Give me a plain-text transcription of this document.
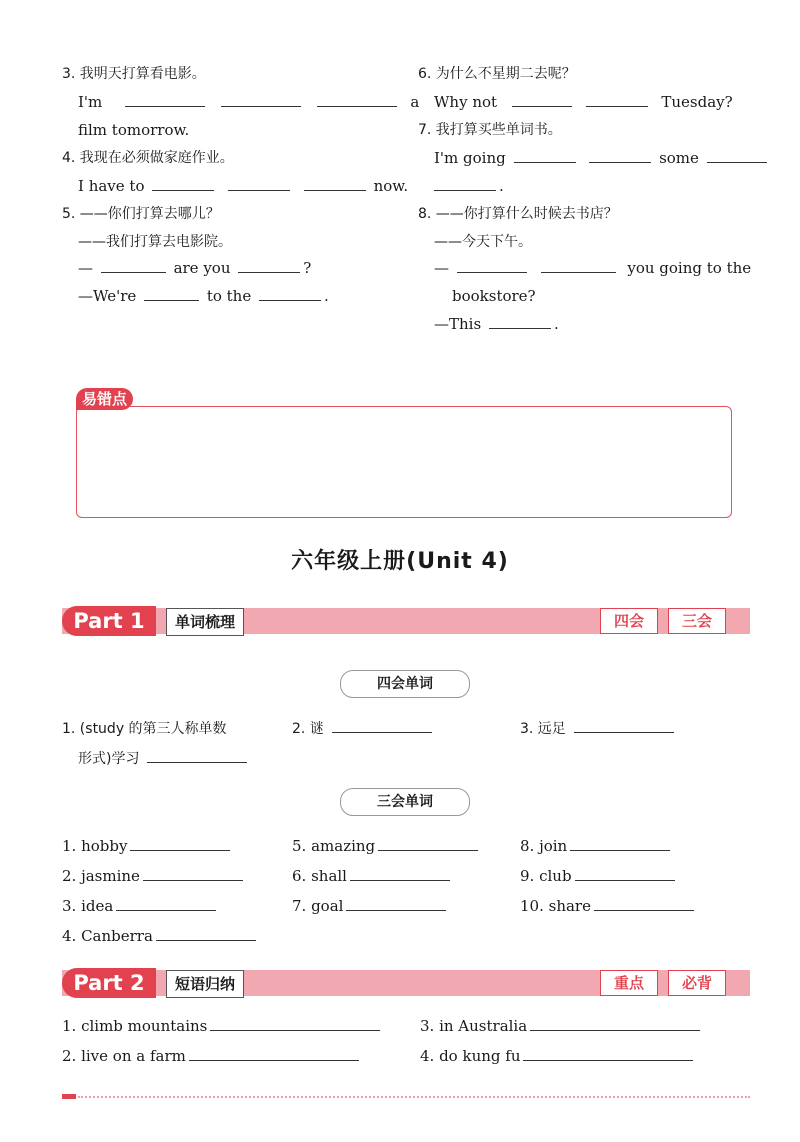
3. 我明天打算看电影。
I'm	a
film tomorrow.
4. 我现在必须做家庭作业。
I have to	now.
5. ——你们打算去哪儿？
——我们打算去电影院。
—	are you	?
—We're	to the	.
6. 为什么不星期二去呢？
Why not	Tuesday?
7. 我打算买些单词书。
I'm going	some
.
8. ——你打算什么时候去书店？
——今天下午。
—	you going to the
bookstore?
—This	.
易错点
六年级上册(Unit 4)
Part 1	单词梳理	四会	三会
四会单词
1. (study 的第三人称单数
形式)学习
2. 谜	3. 远足
三会单词
1. hobby
2. jasmine
3. idea
4. Canberra
5. amazing
6. shall
7. goal
8. join
9. club
10. share
Part 2	短语归纳	重点	必背
1. climb mountains
2. live on a farm
3. in Australia
4. do kung fu
